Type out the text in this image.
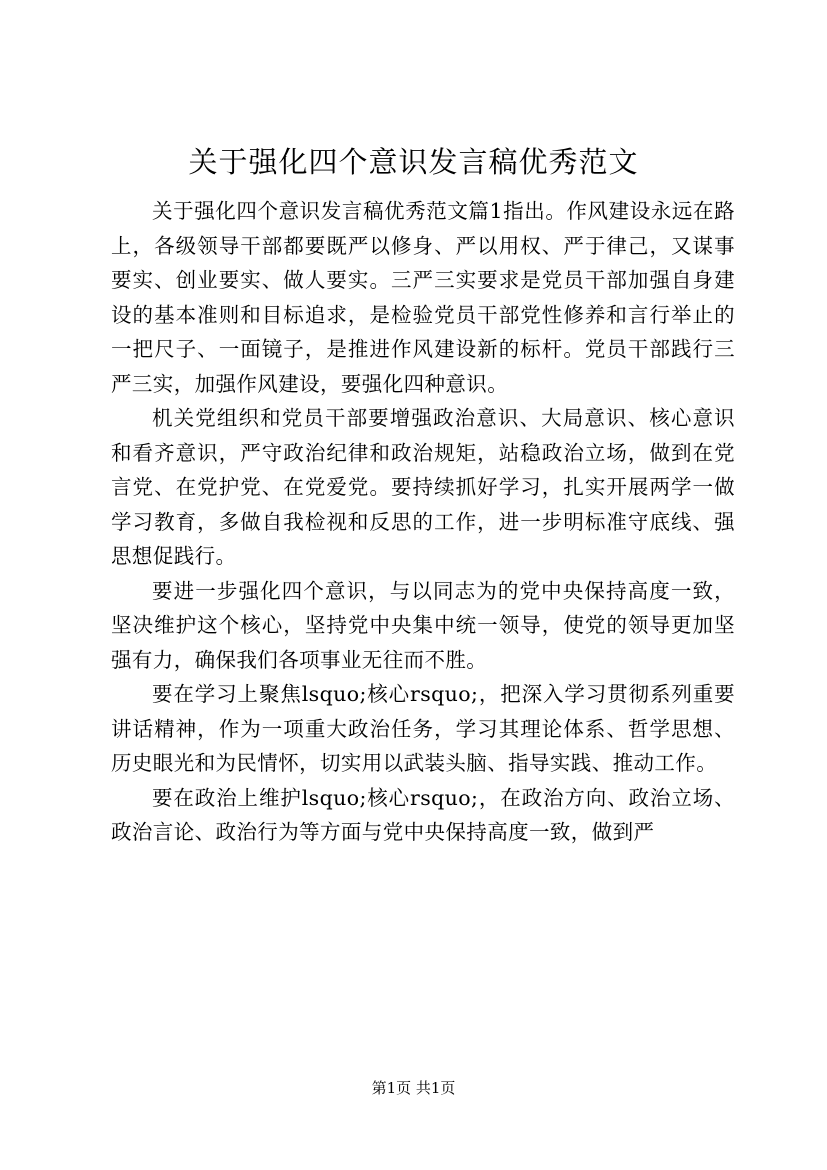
关于强化四个意识发言稿优秀范文

关于强化四个意识发言稿优秀范文篇1指出。作风建设永远在路上，各级领导干部都要既严以修身、严以用权、严于律己，又谋事要实、创业要实、做人要实。三严三实要求是党员干部加强自身建设的基本准则和目标追求，是检验党员干部党性修养和言行举止的一把尺子、一面镜子，是推进作风建设新的标杆。党员干部践行三严三实，加强作风建设，要强化四种意识。

机关党组织和党员干部要增强政治意识、大局意识、核心意识和看齐意识，严守政治纪律和政治规矩，站稳政治立场，做到在党言党、在党护党、在党爱党。要持续抓好学习，扎实开展两学一做学习教育，多做自我检视和反思的工作，进一步明标准守底线、强思想促践行。

要进一步强化四个意识，与以同志为的党中央保持高度一致，坚决维护这个核心，坚持党中央集中统一领导，使党的领导更加坚强有力，确保我们各项事业无往而不胜。

要在学习上聚焦lsquo;核心rsquo;，把深入学习贯彻系列重要讲话精神，作为一项重大政治任务，学习其理论体系、哲学思想、历史眼光和为民情怀，切实用以武装头脑、指导实践、推动工作。

要在政治上维护lsquo;核心rsquo;，在政治方向、政治立场、政治言论、政治行为等方面与党中央保持高度一致，做到严

第1页 共1页
